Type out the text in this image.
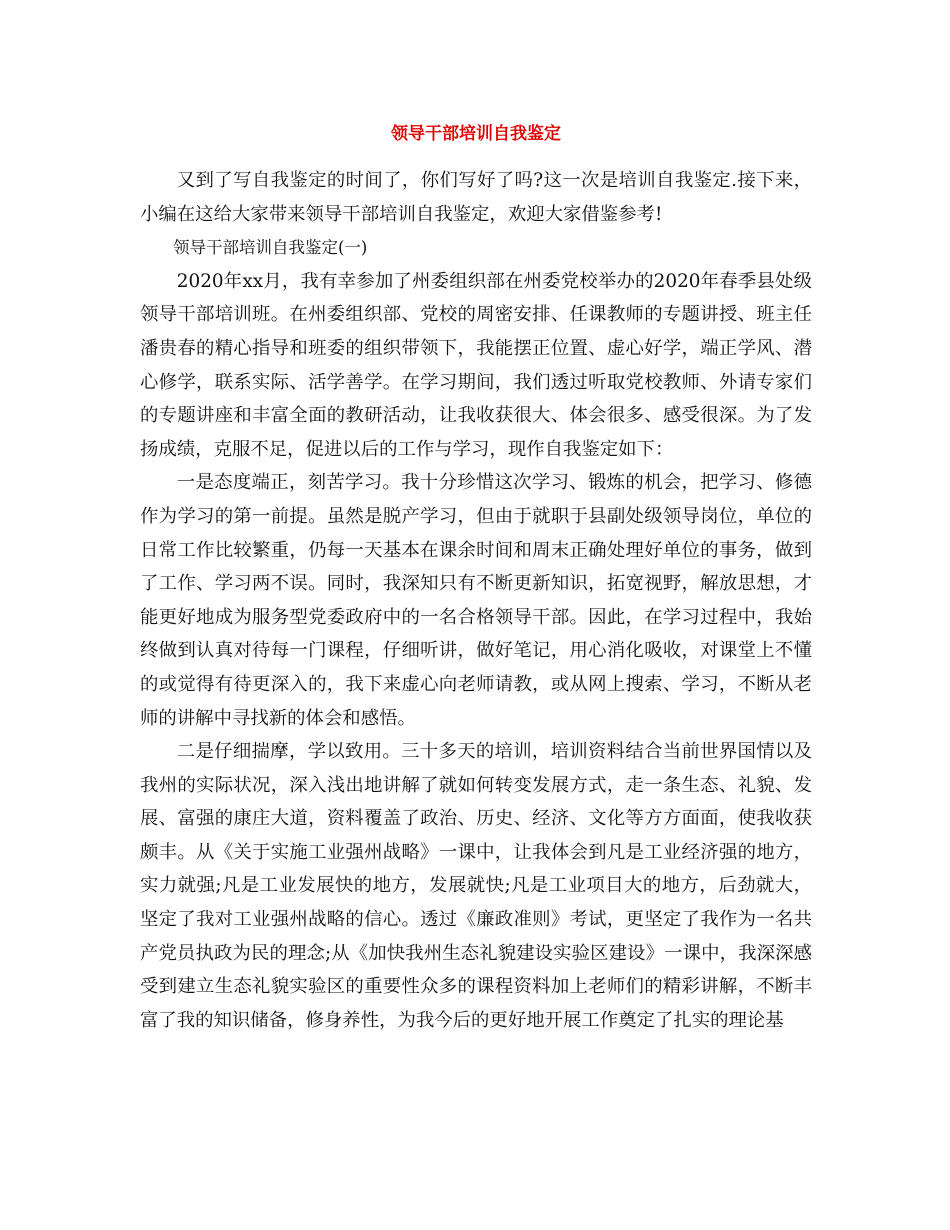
领导干部培训自我鉴定

又到了写自我鉴定的时间了，你们写好了吗?这一次是培训自我鉴定.接下来，小编在这给大家带来领导干部培训自我鉴定，欢迎大家借鉴参考!

领导干部培训自我鉴定(一)

2020年xx月，我有幸参加了州委组织部在州委党校举办的2020年春季县处级领导干部培训班。在州委组织部、党校的周密安排、任课教师的专题讲授、班主任潘贵春的精心指导和班委的组织带领下，我能摆正位置、虚心好学，端正学风、潜心修学，联系实际、活学善学。在学习期间，我们透过听取党校教师、外请专家们的专题讲座和丰富全面的教研活动，让我收获很大、体会很多、感受很深。为了发扬成绩，克服不足，促进以后的工作与学习，现作自我鉴定如下：

一是态度端正，刻苦学习。我十分珍惜这次学习、锻炼的机会，把学习、修德作为学习的第一前提。虽然是脱产学习，但由于就职于县副处级领导岗位，单位的日常工作比较繁重，仍每一天基本在课余时间和周末正确处理好单位的事务，做到了工作、学习两不误。同时，我深知只有不断更新知识，拓宽视野，解放思想，才能更好地成为服务型党委政府中的一名合格领导干部。因此，在学习过程中，我始终做到认真对待每一门课程，仔细听讲，做好笔记，用心消化吸收，对课堂上不懂的或觉得有待更深入的，我下来虚心向老师请教，或从网上搜索、学习，不断从老师的讲解中寻找新的体会和感悟。

二是仔细揣摩，学以致用。三十多天的培训，培训资料结合当前世界国情以及我州的实际状况，深入浅出地讲解了就如何转变发展方式，走一条生态、礼貌、发展、富强的康庄大道，资料覆盖了政治、历史、经济、文化等方方面面，使我收获颇丰。从《关于实施工业强州战略》一课中，让我体会到凡是工业经济强的地方，实力就强;凡是工业发展快的地方，发展就快;凡是工业项目大的地方，后劲就大，坚定了我对工业强州战略的信心。透过《廉政准则》考试，更坚定了我作为一名共产党员执政为民的理念;从《加快我州生态礼貌建设实验区建设》一课中，我深深感受到建立生态礼貌实验区的重要性众多的课程资料加上老师们的精彩讲解，不断丰富了我的知识储备，修身养性，为我今后的更好地开展工作奠定了扎实的理论基
